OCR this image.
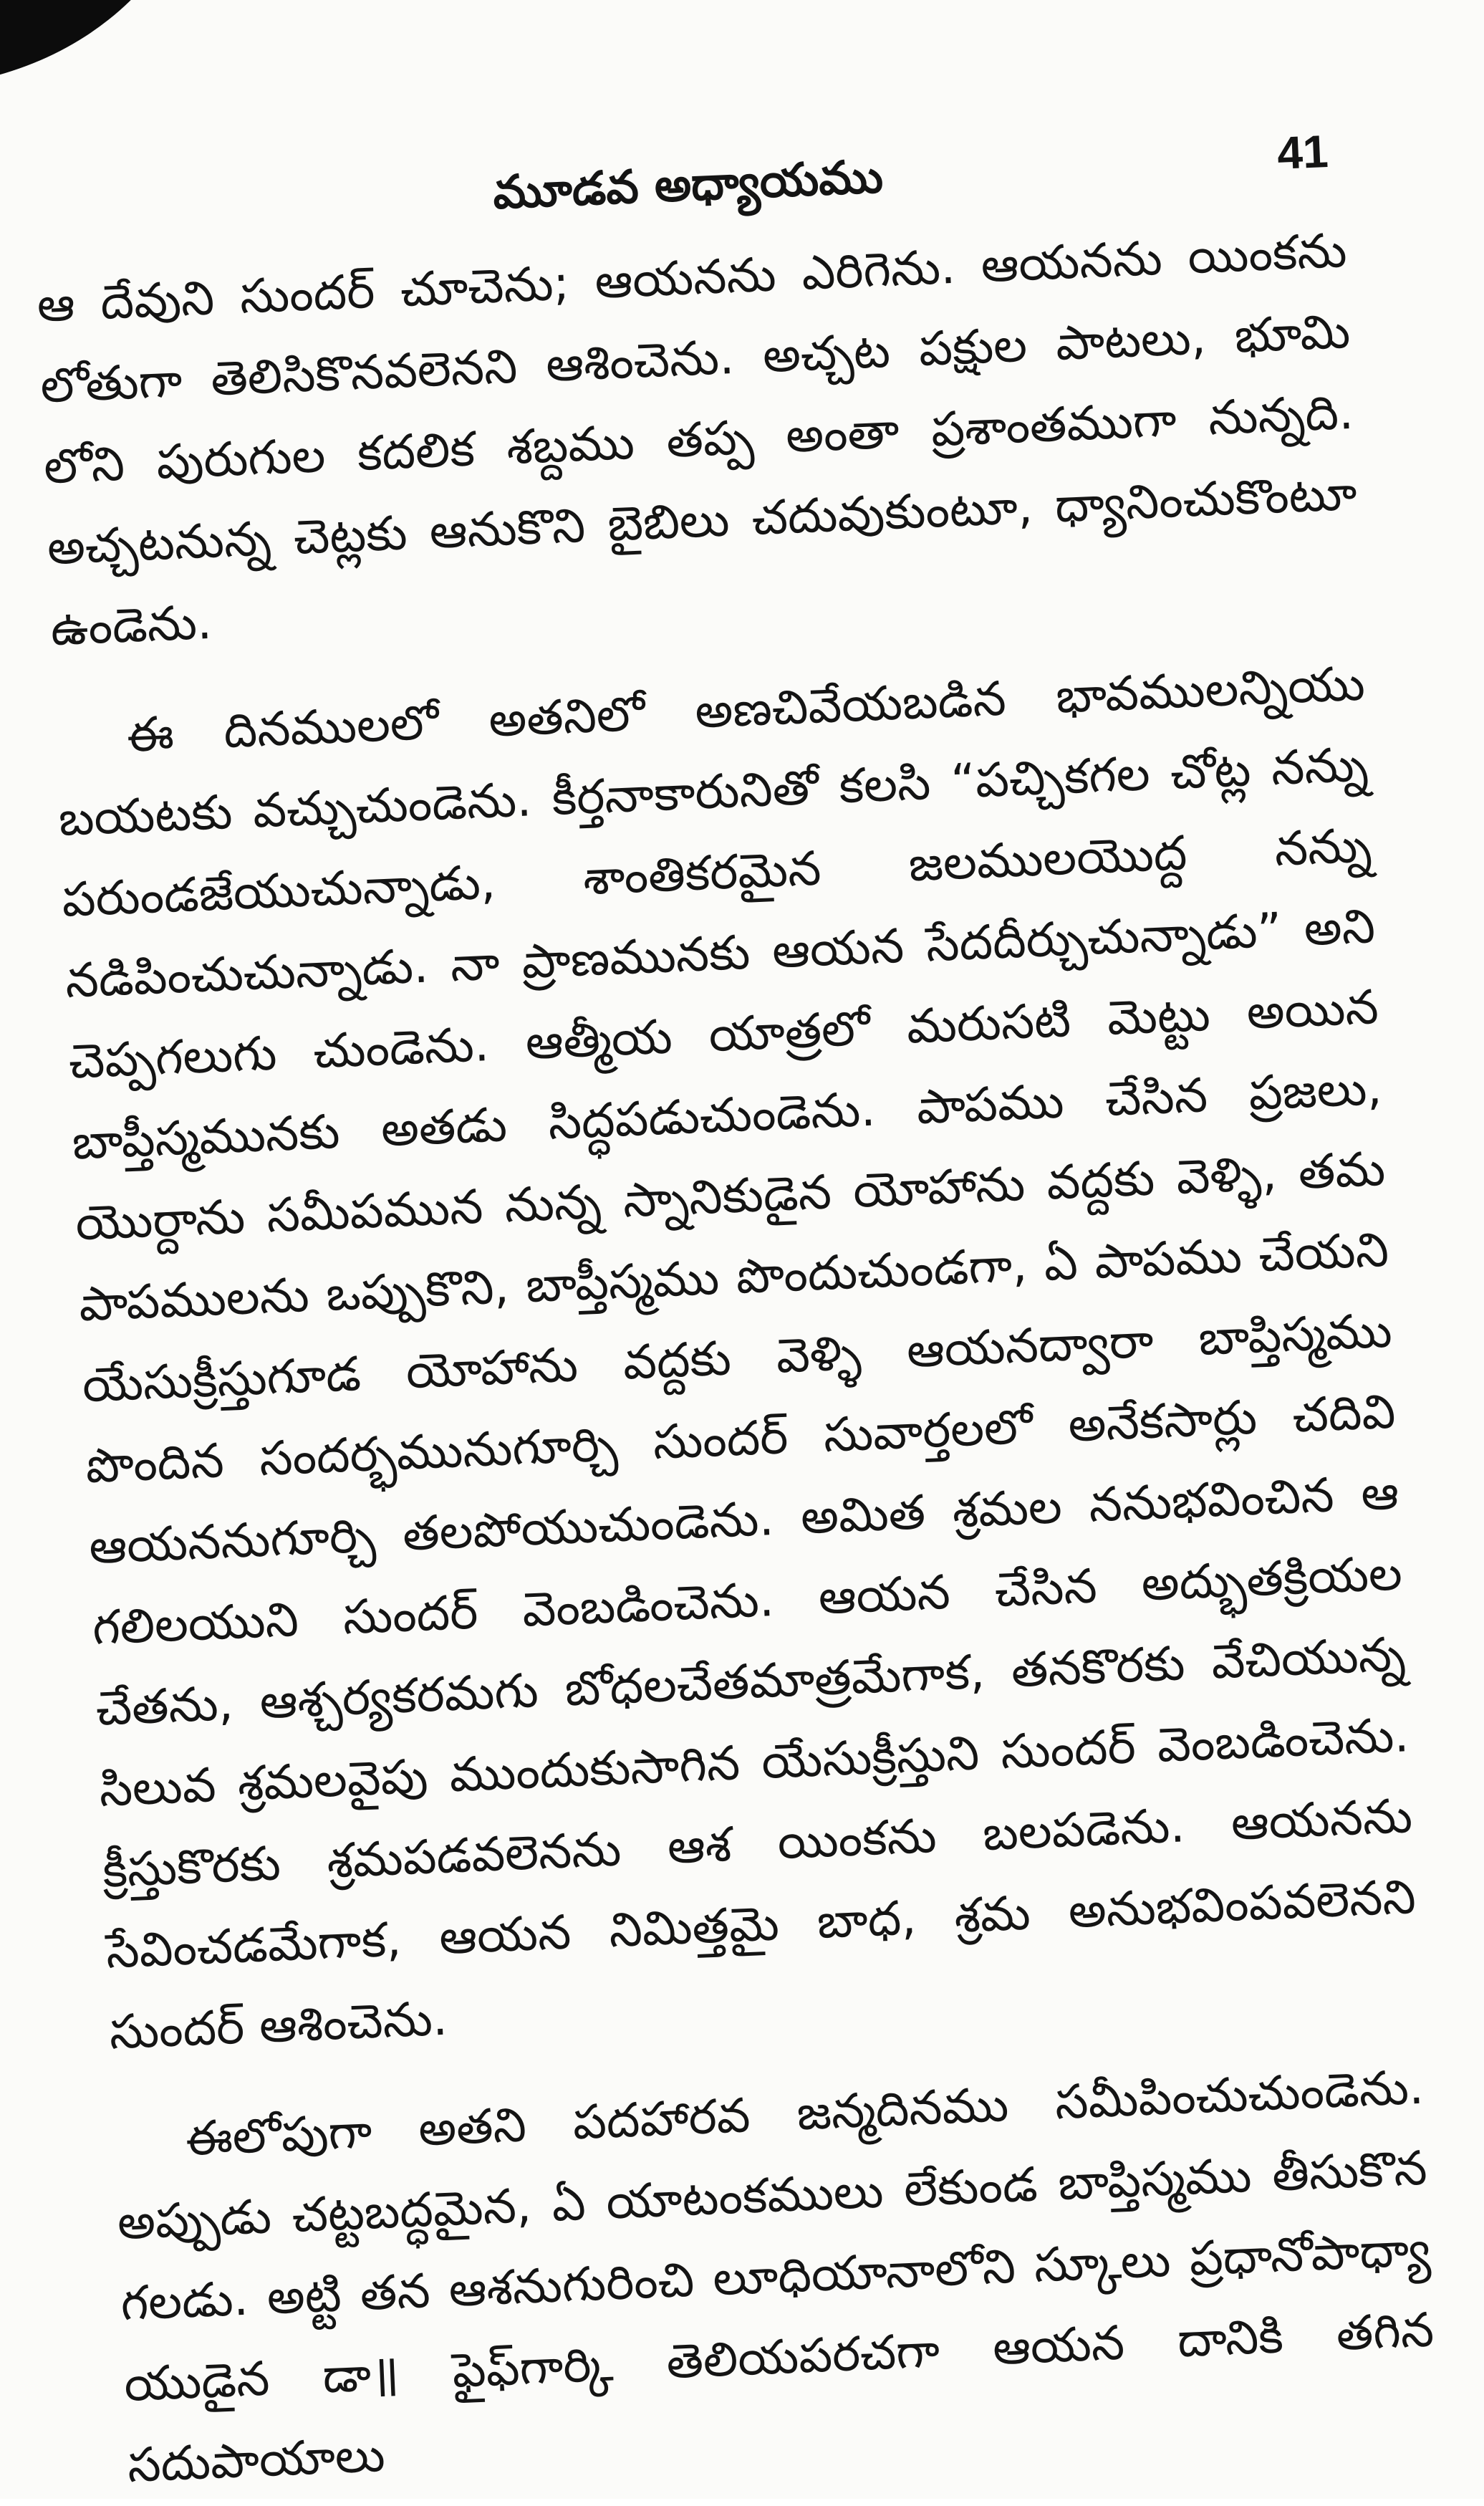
మూడవ అధ్యాయము	41

ఆ దేవుని సుందర్ చూచెను; ఆయనను ఎరిగెను. ఆయనను యింకను లోతుగా తెలిసికొనవలెనని ఆశించెను. అచ్చట పక్షుల పాటలు, భూమి లోని పురుగుల కదలిక శబ్దము తప్ప అంతా ప్రశాంతముగా నున్నది. అచ్చటనున్న చెట్లకు ఆనుకొని బైబిలు చదువుకుంటూ, ధ్యానించుకొంటూ ఉండెను.

ఈ దినములలో అతనిలో అణచివేయబడిన భావములన్నియు బయటకు వచ్చుచుండెను. కీర్తనాకారునితో కలసి “పచ్చికగల చోట్ల నన్ను పరుండజేయుచున్నాడు, శాంతికరమైన జలములయొద్ద నన్ను నడిపించుచున్నాడు. నా ప్రాణమునకు ఆయన సేదదీర్చుచున్నాడు” అని చెప్పగలుగు చుండెను. ఆత్మీయ యాత్రలో మరుసటి మెట్టు అయిన బాప్తీస్మమునకు అతడు సిద్ధపడుచుండెను. పాపము చేసిన ప్రజలు, యొర్దాను సమీపమున నున్న స్నానికుడైన యోహాను వద్దకు వెళ్ళి, తమ పాపములను ఒప్పుకొని, బాప్తీస్మము పొందుచుండగా, ఏ పాపము చేయని యేసుక్రీస్తుగూడ యోహాను వద్దకు వెళ్ళి ఆయనద్వారా బాప్తిస్మము పొందిన సందర్భమునుగూర్చి సుందర్ సువార్తలలో అనేకసార్లు చదివి ఆయననుగూర్చి తలపోయుచుండెను. అమిత శ్రమల ననుభవించిన ఆ గలిలయుని సుందర్ వెంబడించెను. ఆయన చేసిన అద్భుతక్రియల చేతను, ఆశ్చర్యకరమగు బోధలచేతమాత్రమేగాక, తనకొరకు వేచియున్న సిలువ శ్రమలవైపు ముందుకుసాగిన యేసుక్రీస్తుని సుందర్ వెంబడించెను. క్రీస్తుకొరకు శ్రమపడవలెనను ఆశ యింకను బలపడెను. ఆయనను సేవించడమేగాక, ఆయన నిమిత్తమై బాధ, శ్రమ అనుభవింపవలెనని సుందర్ ఆశించెను.

ఈలోపుగా అతని పదహారవ జన్మదినము సమీపించుచుండెను. అప్పుడు చట్టబద్ధమైన, ఏ యాటంకములు లేకుండ బాప్తిస్మము తీసుకొన గలడు. అట్టి తన ఆశనుగురించి లూధియానాలోని స్కూలు ప్రధానోపాధ్యా యుడైన డా॥ ఫైఫ్‌గార్కి తెలియపరచగా ఆయన దానికి తగిన సదుపాయాలు
